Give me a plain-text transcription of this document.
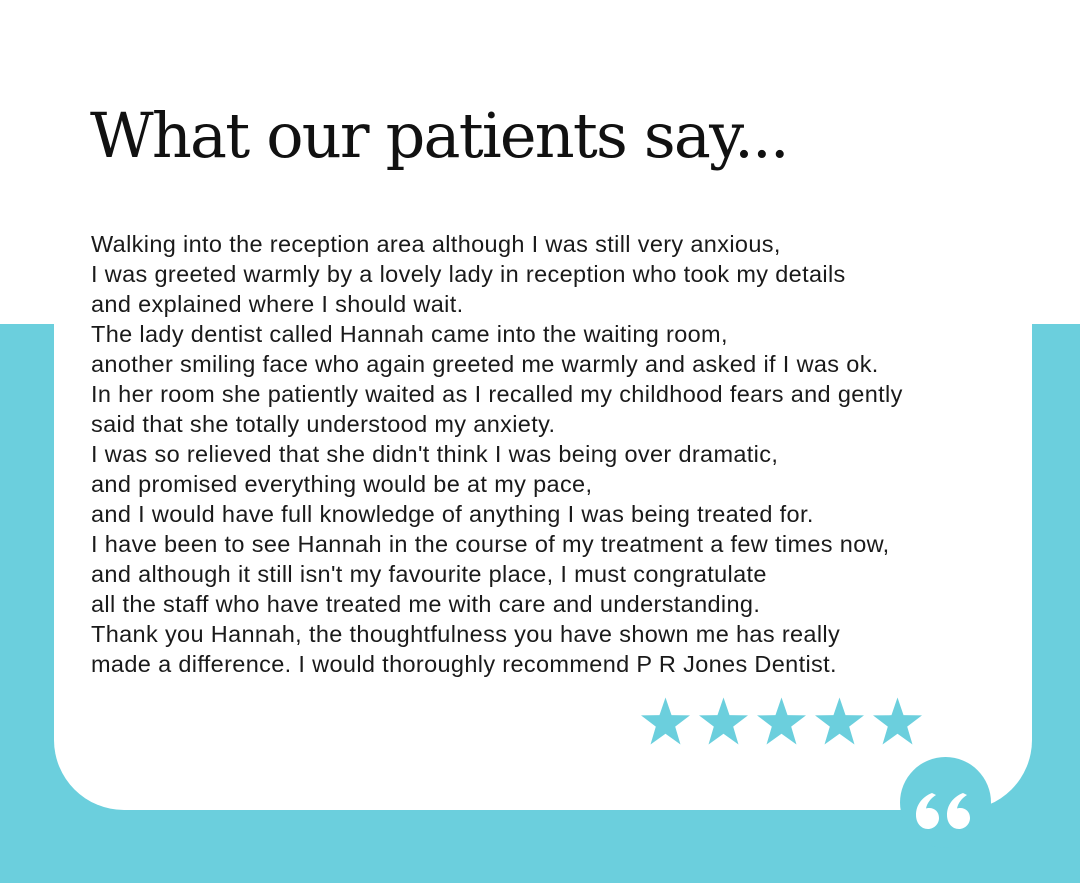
What our patients say...
Walking into the reception area although I was still very anxious,
I was greeted warmly by a lovely lady in reception who took my details
and explained where I should wait.
The lady dentist called Hannah came into the waiting room,
another smiling face who again greeted me warmly and asked if I was ok.
In her room she patiently waited as I recalled my childhood fears and gently
said that she totally understood my anxiety.
I was so relieved that she didn't think I was being over dramatic,
and promised everything would be at my pace,
and I would have full knowledge of anything I was being treated for.
I have been to see Hannah in the course of my treatment a few times now,
and although it still isn't my favourite place, I must congratulate
all the staff who have treated me with care and understanding.
Thank you Hannah, the thoughtfulness you have shown me has really
made a difference. I would thoroughly recommend P R Jones Dentist.
